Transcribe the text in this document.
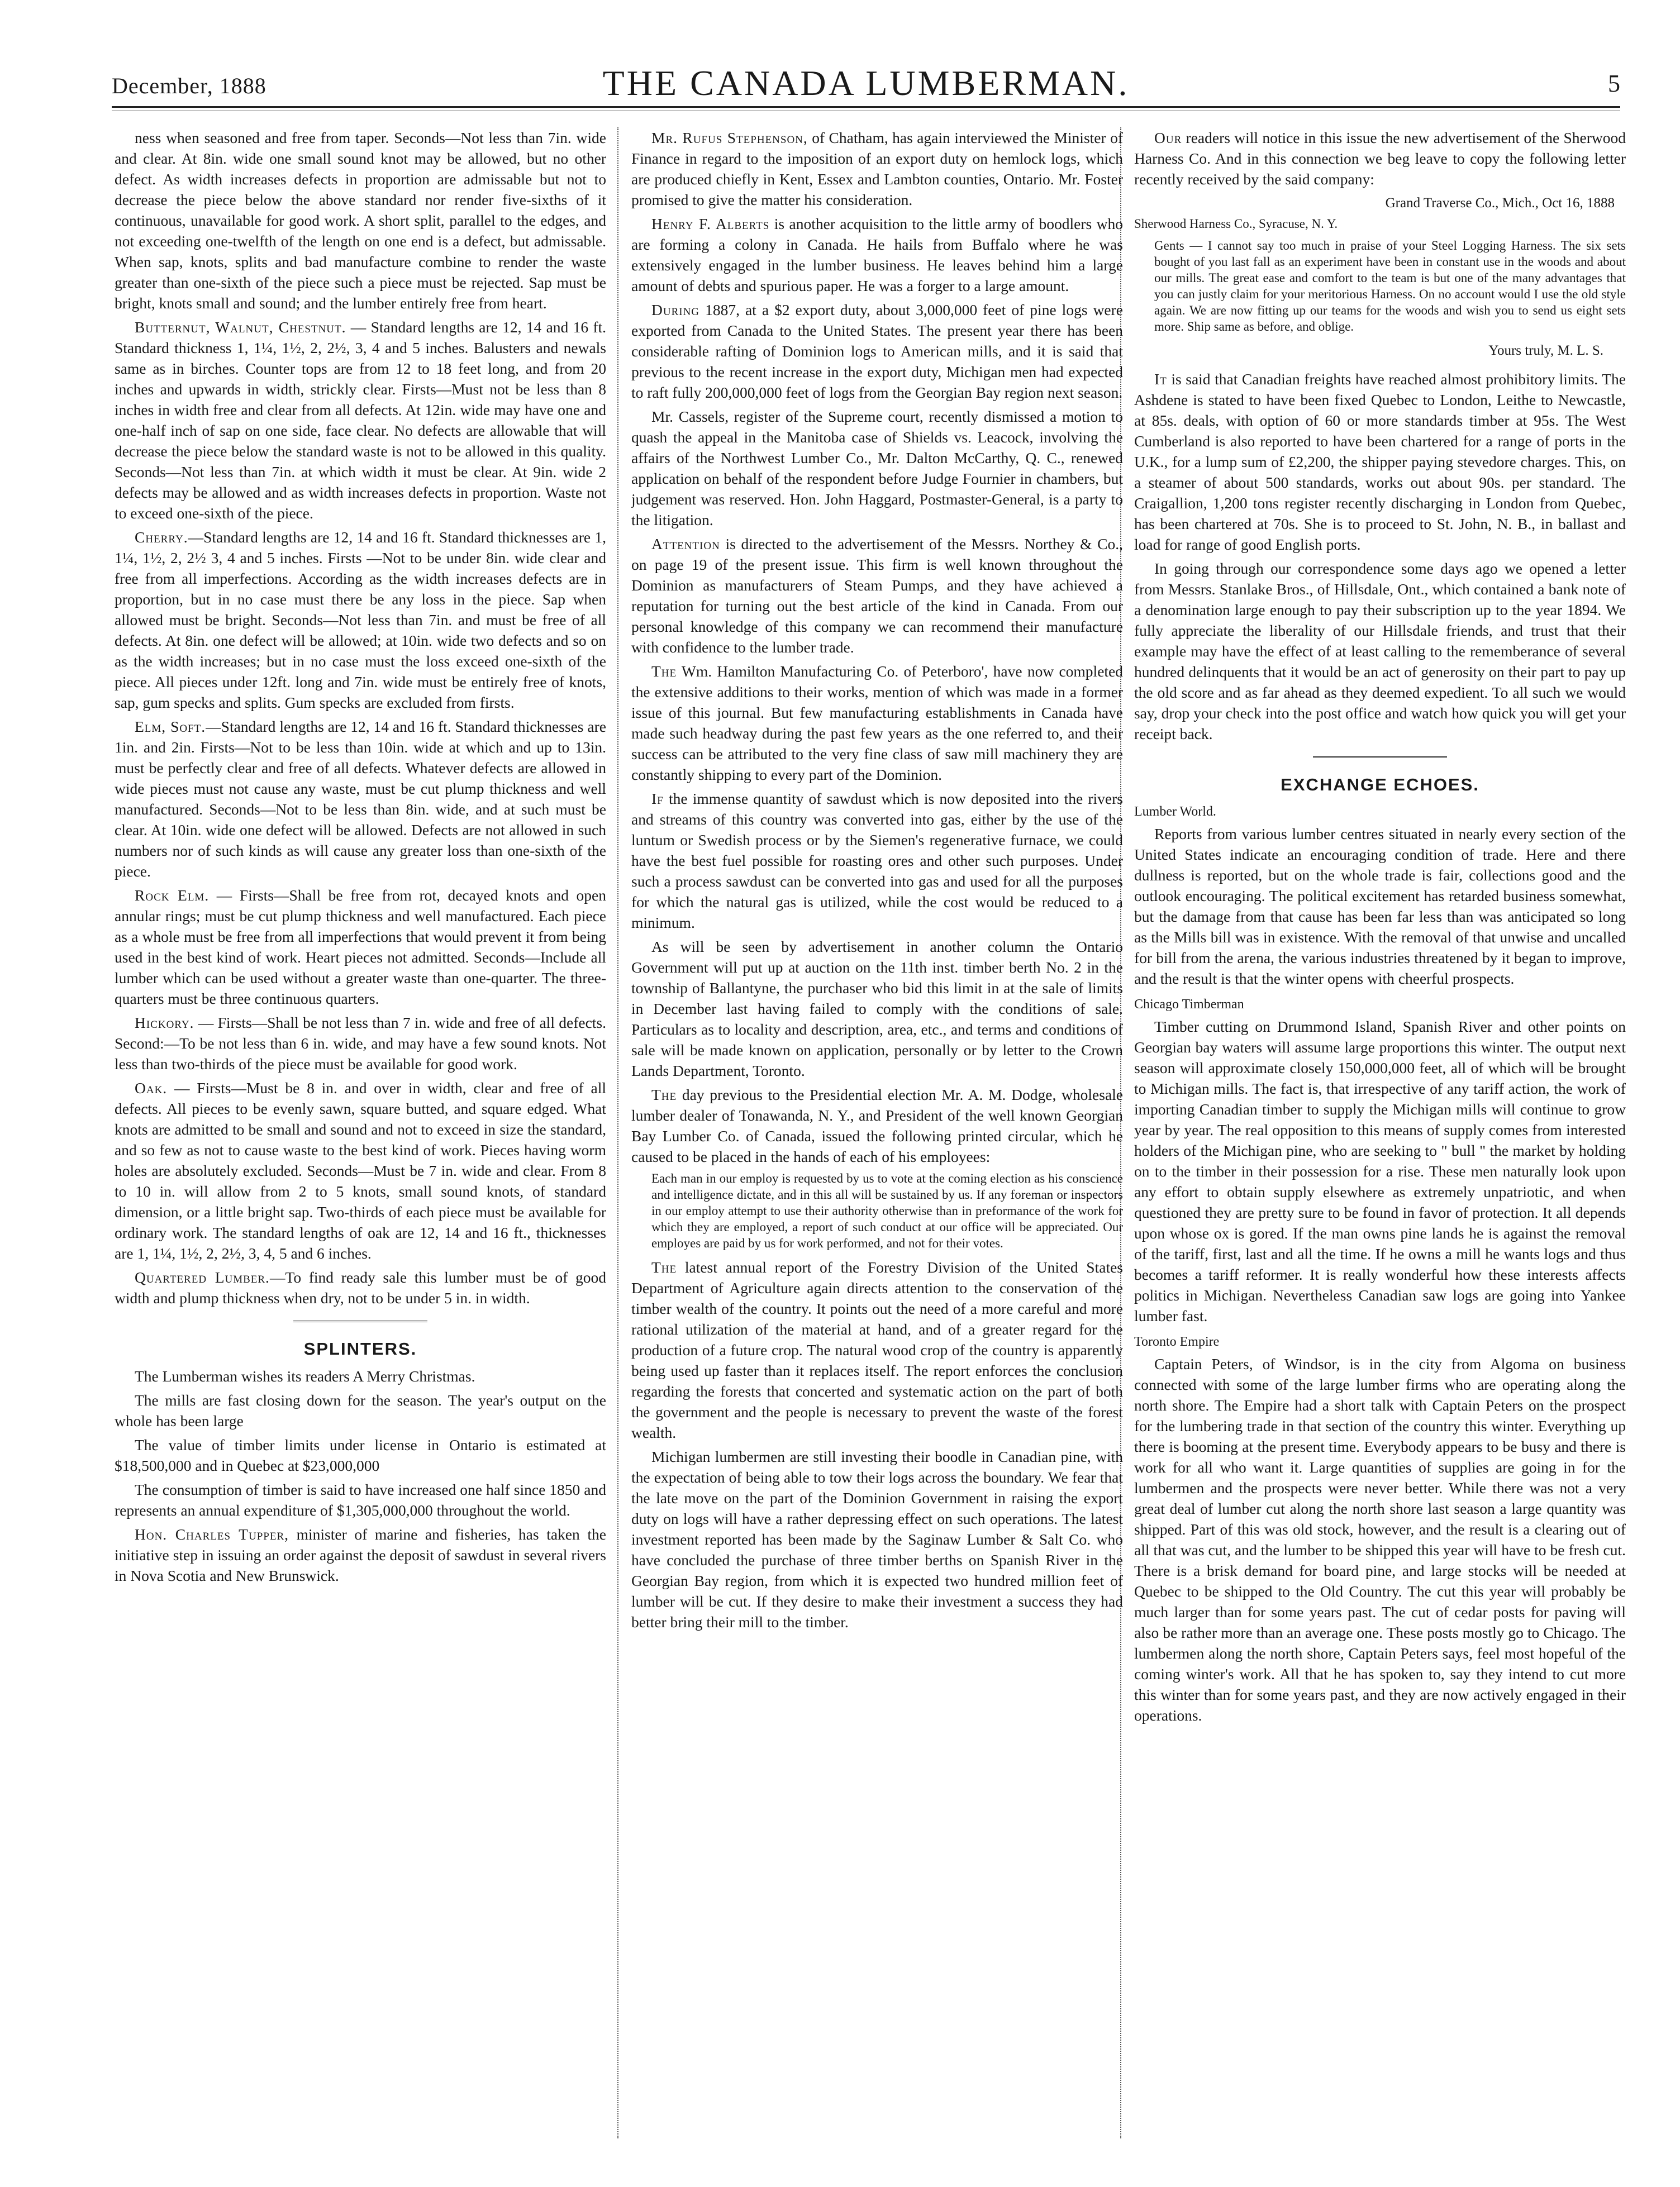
December, 1888	THE CANADA LUMBERMAN.	5

ness when seasoned and free from taper. Seconds—Not less than 7in. wide and clear. At 8in. wide one small sound knot may be allowed, but no other defect. As width increases defects in proportion are admissable but not to decrease the piece below the above standard nor render five-sixths of it continuous, unavailable for good work. A short split, parallel to the edges, and not exceeding one-twelfth of the length on one end is a defect, but admissable. When sap, knots, splits and bad manufacture combine to render the waste greater than one-sixth of the piece such a piece must be rejected. Sap must be bright, knots small and sound; and the lumber entirely free from heart.

Butternut, Walnut, Chestnut. — Standard lengths are 12, 14 and 16 ft. Standard thickness 1, 1¼, 1½, 2, 2½, 3, 4 and 5 inches. Balusters and newals same as in birches. Counter tops are from 12 to 18 feet long, and from 20 inches and upwards in width, strickly clear. Firsts—Must not be less than 8 inches in width free and clear from all defects. At 12in. wide may have one and one-half inch of sap on one side, face clear. No defects are allowable that will decrease the piece below the standard waste is not to be allowed in this quality. Seconds—Not less than 7in. at which width it must be clear. At 9in. wide 2 defects may be allowed and as width increases defects in proportion. Waste not to exceed one-sixth of the piece.

Cherry.—Standard lengths are 12, 14 and 16 ft. Standard thicknesses are 1, 1¼, 1½, 2, 2½ 3, 4 and 5 inches. Firsts —Not to be under 8in. wide clear and free from all imperfections. According as the width increases defects are in proportion, but in no case must there be any loss in the piece. Sap when allowed must be bright. Seconds—Not less than 7in. and must be free of all defects. At 8in. one defect will be allowed; at 10in. wide two defects and so on as the width increases; but in no case must the loss exceed one-sixth of the piece. All pieces under 12ft. long and 7in. wide must be entirely free of knots, sap, gum specks and splits. Gum specks are excluded from firsts.

Elm, Soft.—Standard lengths are 12, 14 and 16 ft. Standard thicknesses are 1in. and 2in. Firsts—Not to be less than 10in. wide at which and up to 13in. must be perfectly clear and free of all defects. Whatever defects are allowed in wide pieces must not cause any waste, must be cut plump thickness and well manufactured. Seconds—Not to be less than 8in. wide, and at such must be clear. At 10in. wide one defect will be allowed. Defects are not allowed in such numbers nor of such kinds as will cause any greater loss than one-sixth of the piece.

Rock Elm. — Firsts—Shall be free from rot, decayed knots and open annular rings; must be cut plump thickness and well manufactured. Each piece as a whole must be free from all imperfections that would prevent it from being used in the best kind of work. Heart pieces not admitted. Seconds—Include all lumber which can be used without a greater waste than one-quarter. The three-quarters must be three continuous quarters.

Hickory. — Firsts—Shall be not less than 7 in. wide and free of all defects. Second:—To be not less than 6 in. wide, and may have a few sound knots. Not less than two-thirds of the piece must be available for good work.

Oak. — Firsts—Must be 8 in. and over in width, clear and free of all defects. All pieces to be evenly sawn, square butted, and square edged. What knots are admitted to be small and sound and not to exceed in size the standard, and so few as not to cause waste to the best kind of work. Pieces having worm holes are absolutely excluded. Seconds—Must be 7 in. wide and clear. From 8 to 10 in. will allow from 2 to 5 knots, small sound knots, of standard dimension, or a little bright sap. Two-thirds of each piece must be available for ordinary work. The standard lengths of oak are 12, 14 and 16 ft., thicknesses are 1, 1¼, 1½, 2, 2½, 3, 4, 5 and 6 inches.

Quartered Lumber.—To find ready sale this lumber must be of good width and plump thickness when dry, not to be under 5 in. in width.

SPLINTERS.

The Lumberman wishes its readers A Merry Christmas.

The mills are fast closing down for the season. The year's output on the whole has been large

The value of timber limits under license in Ontario is estimated at $18,500,000 and in Quebec at $23,000,000

The consumption of timber is said to have increased one half since 1850 and represents an annual expenditure of $1,305,000,000 throughout the world.

Hon. Charles Tupper, minister of marine and fisheries, has taken the initiative step in issuing an order against the deposit of sawdust in several rivers in Nova Scotia and New Brunswick.

Mr. Rufus Stephenson, of Chatham, has again interviewed the Minister of Finance in regard to the imposition of an export duty on hemlock logs, which are produced chiefly in Kent, Essex and Lambton counties, Ontario. Mr. Foster promised to give the matter his consideration.

Henry F. Alberts is another acquisition to the little army of boodlers who are forming a colony in Canada. He hails from Buffalo where he was extensively engaged in the lumber business. He leaves behind him a large amount of debts and spurious paper. He was a forger to a large amount.

During 1887, at a $2 export duty, about 3,000,000 feet of pine logs were exported from Canada to the United States. The present year there has been considerable rafting of Dominion logs to American mills, and it is said that previous to the recent increase in the export duty, Michigan men had expected to raft fully 200,000,000 feet of logs from the Georgian Bay region next season.

Mr. Cassels, register of the Supreme court, recently dismissed a motion to quash the appeal in the Manitoba case of Shields vs. Leacock, involving the affairs of the Northwest Lumber Co., Mr. Dalton McCarthy, Q. C., renewed application on behalf of the respondent before Judge Fournier in chambers, but judgement was reserved. Hon. John Haggard, Postmaster-General, is a party to the litigation.

Attention is directed to the advertisement of the Messrs. Northey & Co., on page 19 of the present issue. This firm is well known throughout the Dominion as manufacturers of Steam Pumps, and they have achieved a reputation for turning out the best article of the kind in Canada. From our personal knowledge of this company we can recommend their manufacture with confidence to the lumber trade.

The Wm. Hamilton Manufacturing Co. of Peterboro', have now completed the extensive additions to their works, mention of which was made in a former issue of this journal. But few manufacturing establishments in Canada have made such headway during the past few years as the one referred to, and their success can be attributed to the very fine class of saw mill machinery they are constantly shipping to every part of the Dominion.

If the immense quantity of sawdust which is now deposited into the rivers and streams of this country was converted into gas, either by the use of the luntum or Swedish process or by the Siemen's regenerative furnace, we could have the best fuel possible for roasting ores and other such purposes. Under such a process sawdust can be converted into gas and used for all the purposes for which the natural gas is utilized, while the cost would be reduced to a minimum.

As will be seen by advertisement in another column the Ontario Government will put up at auction on the 11th inst. timber berth No. 2 in the township of Ballantyne, the purchaser who bid this limit in at the sale of limits in December last having failed to comply with the conditions of sale. Particulars as to locality and description, area, etc., and terms and conditions of sale will be made known on application, personally or by letter to the Crown Lands Department, Toronto.

The day previous to the Presidential election Mr. A. M. Dodge, wholesale lumber dealer of Tonawanda, N. Y., and President of the well known Georgian Bay Lumber Co. of Canada, issued the following printed circular, which he caused to be placed in the hands of each of his employees:

Each man in our employ is requested by us to vote at the coming election as his conscience and intelligence dictate, and in this all will be sustained by us. If any foreman or inspectors in our employ attempt to use their authority otherwise than in preformance of the work for which they are employed, a report of such conduct at our office will be appreciated. Our employes are paid by us for work performed, and not for their votes.

The latest annual report of the Forestry Division of the United States Department of Agriculture again directs attention to the conservation of the timber wealth of the country. It points out the need of a more careful and more rational utilization of the material at hand, and of a greater regard for the production of a future crop. The natural wood crop of the country is apparently being used up faster than it replaces itself. The report enforces the conclusion regarding the forests that concerted and systematic action on the part of both the government and the people is necessary to prevent the waste of the forest wealth.

Michigan lumbermen are still investing their boodle in Canadian pine, with the expectation of being able to tow their logs across the boundary. We fear that the late move on the part of the Dominion Government in raising the export duty on logs will have a rather depressing effect on such operations. The latest investment reported has been made by the Saginaw Lumber & Salt Co. who have concluded the purchase of three timber berths on Spanish River in the Georgian Bay region, from which it is expected two hundred million feet of lumber will be cut. If they desire to make their investment a success they had better bring their mill to the timber.

Our readers will notice in this issue the new advertisement of the Sherwood Harness Co. And in this connection we beg leave to copy the following letter recently received by the said company:

Grand Traverse Co., Mich., Oct 16, 1888
Sherwood Harness Co., Syracuse, N. Y.
Gents — I cannot say too much in praise of your Steel Logging Harness. The six sets bought of you last fall as an experiment have been in constant use in the woods and about our mills. The great ease and comfort to the team is but one of the many advantages that you can justly claim for your meritorious Harness. On no account would I use the old style again. We are now fitting up our teams for the woods and wish you to send us eight sets more. Ship same as before, and oblige.
Yours truly, M. L. S.

It is said that Canadian freights have reached almost prohibitory limits. The Ashdene is stated to have been fixed Quebec to London, Leithe to Newcastle, at 85s. deals, with option of 60 or more standards timber at 95s. The West Cumberland is also reported to have been chartered for a range of ports in the U.K., for a lump sum of £2,200, the shipper paying stevedore charges. This, on a steamer of about 500 standards, works out about 90s. per standard. The Craigallion, 1,200 tons register recently discharging in London from Quebec, has been chartered at 70s. She is to proceed to St. John, N. B., in ballast and load for range of good English ports.

In going through our correspondence some days ago we opened a letter from Messrs. Stanlake Bros., of Hillsdale, Ont., which contained a bank note of a denomination large enough to pay their subscription up to the year 1894. We fully appreciate the liberality of our Hillsdale friends, and trust that their example may have the effect of at least calling to the rememberance of several hundred delinquents that it would be an act of generosity on their part to pay up the old score and as far ahead as they deemed expedient. To all such we would say, drop your check into the post office and watch how quick you will get your receipt back.

EXCHANGE ECHOES.
Lumber World.

Reports from various lumber centres situated in nearly every section of the United States indicate an encouraging condition of trade. Here and there dullness is reported, but on the whole trade is fair, collections good and the outlook encouraging. The political excitement has retarded business somewhat, but the damage from that cause has been far less than was anticipated so long as the Mills bill was in existence. With the removal of that unwise and uncalled for bill from the arena, the various industries threatened by it began to improve, and the result is that the winter opens with cheerful prospects.

Chicago Timberman

Timber cutting on Drummond Island, Spanish River and other points on Georgian bay waters will assume large proportions this winter. The output next season will approximate closely 150,000,000 feet, all of which will be brought to Michigan mills. The fact is, that irrespective of any tariff action, the work of importing Canadian timber to supply the Michigan mills will continue to grow year by year. The real opposition to this means of supply comes from interested holders of the Michigan pine, who are seeking to " bull " the market by holding on to the timber in their possession for a rise. These men naturally look upon any effort to obtain supply elsewhere as extremely unpatriotic, and when questioned they are pretty sure to be found in favor of protection. It all depends upon whose ox is gored. If the man owns pine lands he is against the removal of the tariff, first, last and all the time. If he owns a mill he wants logs and thus becomes a tariff reformer. It is really wonderful how these interests affects politics in Michigan. Nevertheless Canadian saw logs are going into Yankee lumber fast.

Toronto Empire

Captain Peters, of Windsor, is in the city from Algoma on business connected with some of the large lumber firms who are operating along the north shore. The Empire had a short talk with Captain Peters on the prospect for the lumbering trade in that section of the country this winter. Everything up there is booming at the present time. Everybody appears to be busy and there is work for all who want it. Large quantities of supplies are going in for the lumbermen and the prospects were never better. While there was not a very great deal of lumber cut along the north shore last season a large quantity was shipped. Part of this was old stock, however, and the result is a clearing out of all that was cut, and the lumber to be shipped this year will have to be fresh cut. There is a brisk demand for board pine, and large stocks will be needed at Quebec to be shipped to the Old Country. The cut this year will probably be much larger than for some years past. The cut of cedar posts for paving will also be rather more than an average one. These posts mostly go to Chicago. The lumbermen along the north shore, Captain Peters says, feel most hopeful of the coming winter's work. All that he has spoken to, say they intend to cut more this winter than for some years past, and they are now actively engaged in their operations.
